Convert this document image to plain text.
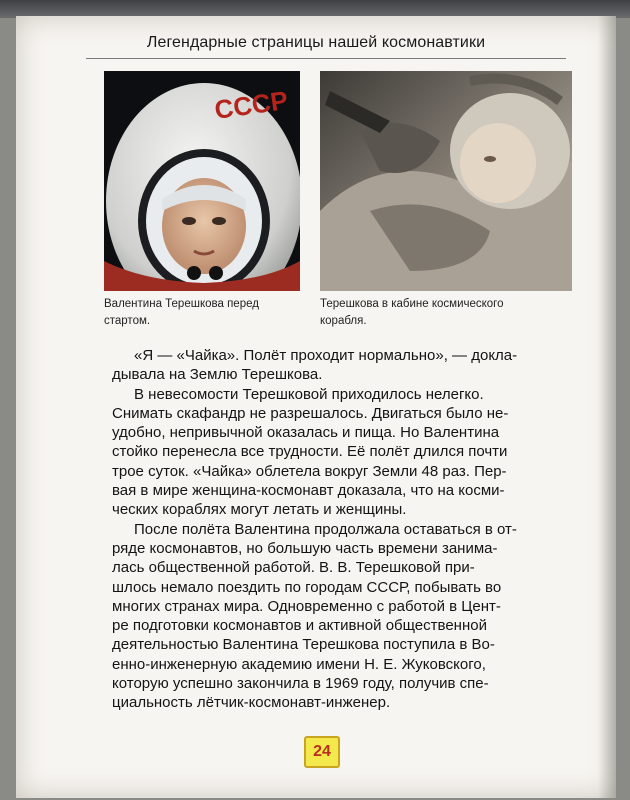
Легендарные страницы нашей космонавтики
СССР
Валентина Терешкова перед
стартом.
Терешкова в кабине космического
корабля.

«Я — «Чайка». Полёт проходит нормально», — докла-
дывала на Землю Терешкова.

В невесомости Терешковой приходилось нелегко.
Снимать скафандр не разрешалось. Двигаться было не-
удобно, непривычной оказалась и пища. Но Валентина
стойко перенесла все трудности. Её полёт длился почти
трое суток. «Чайка» облетела вокруг Земли 48 раз. Пер-
вая в мире женщина-космонавт доказала, что на косми-
ческих кораблях могут летать и женщины.

После полёта Валентина продолжала оставаться в от-
ряде космонавтов, но большую часть времени занима-
лась общественной работой. В. В. Терешковой при-
шлось немало поездить по городам СССР, побывать во
многих странах мира. Одновременно с работой в Цент-
ре подготовки космонавтов и активной общественной
деятельностью Валентина Терешкова поступила в Во-
енно-инженерную академию имени Н. Е. Жуковского,
которую успешно закончила в 1969 году, получив спе-
циальность лётчик-космонавт-инженер.

24
